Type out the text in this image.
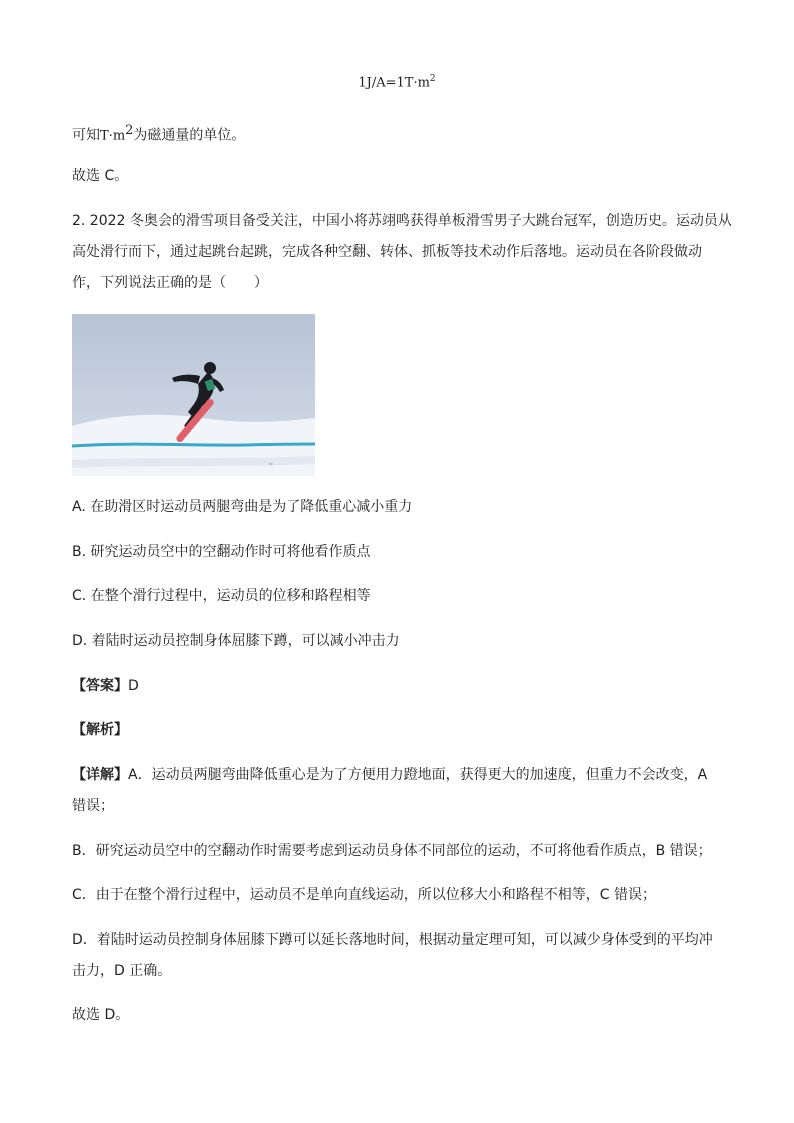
$1J/A=1T\cdot m^2$
可知$T\cdot m^2$为磁通量的单位。
故选 C。
2. 2022 冬奥会的滑雪项目备受关注，中国小将苏翊鸣获得单板滑雪男子大跳台冠军，创造历史。运动员从
高处滑行而下，通过起跳台起跳，完成各种空翻、转体、抓板等技术动作后落地。运动员在各阶段做动
作，下列说法正确的是（　　）
≈
A. 在助滑区时运动员两腿弯曲是为了降低重心减小重力
B. 研究运动员空中的空翻动作时可将他看作质点
C. 在整个滑行过程中，运动员的位移和路程相等
D. 着陆时运动员控制身体屈膝下蹲，可以减小冲击力
【答案】D
【解析】
【详解】A．运动员两腿弯曲降低重心是为了方便用力蹬地面，获得更大的加速度，但重力不会改变，A
错误；
B．研究运动员空中的空翻动作时需要考虑到运动员身体不同部位的运动，不可将他看作质点，B 错误；
C．由于在整个滑行过程中，运动员不是单向直线运动，所以位移大小和路程不相等，C 错误；
D．着陆时运动员控制身体屈膝下蹲可以延长落地时间，根据动量定理可知，可以减少身体受到的平均冲
击力，D 正确。
故选 D。
